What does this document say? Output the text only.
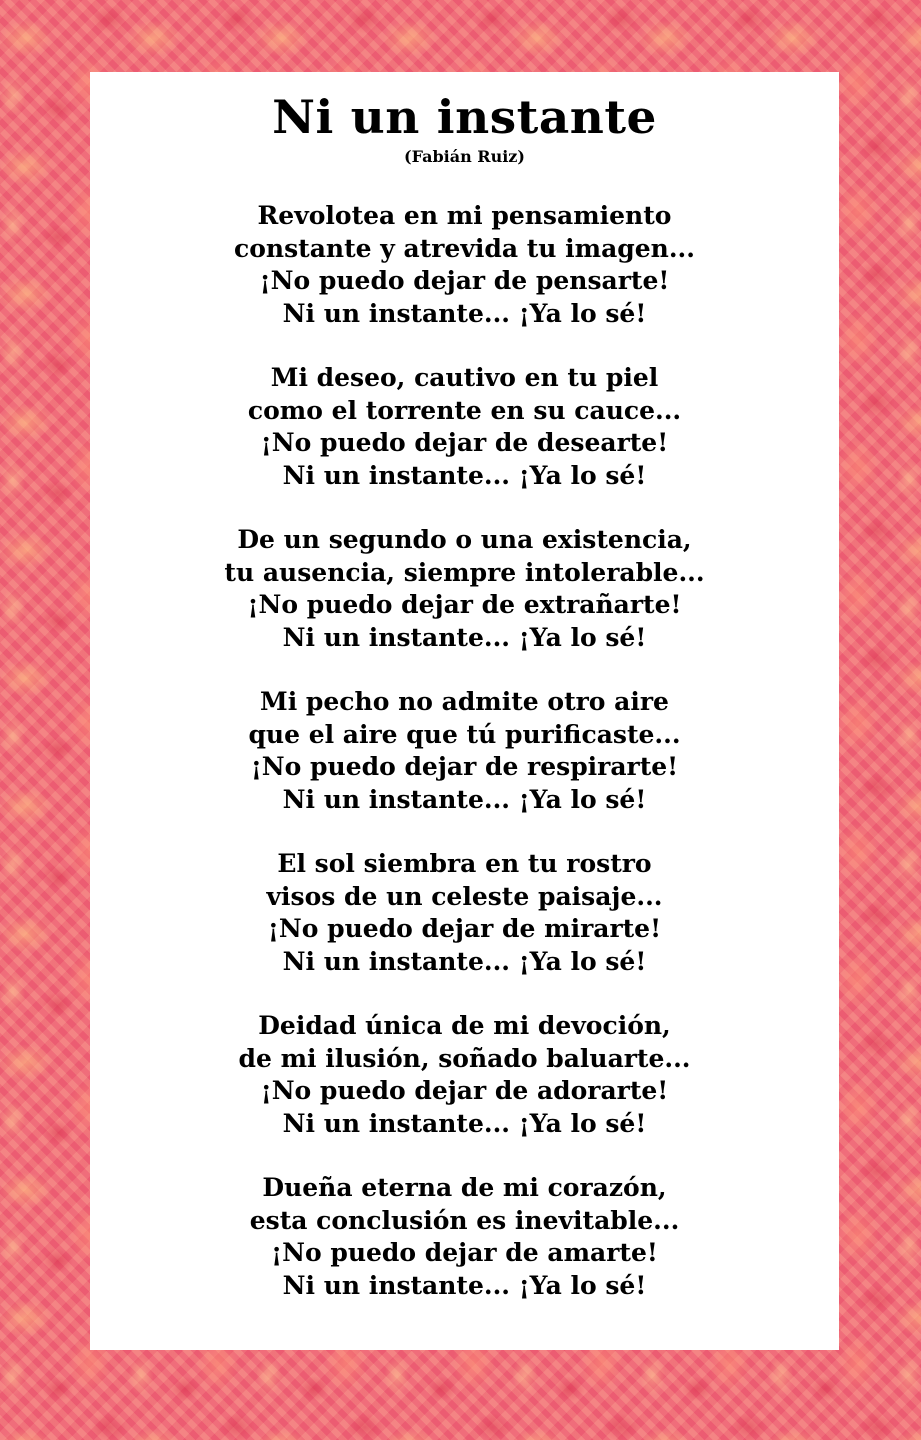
Ni un instante
(Fabián Ruiz)
Revolotea en mi pensamiento
constante y atrevida tu imagen...
¡No puedo dejar de pensarte!
Ni un instante... ¡Ya lo sé!
Mi deseo, cautivo en tu piel
como el torrente en su cauce...
¡No puedo dejar de desearte!
Ni un instante... ¡Ya lo sé!
De un segundo o una existencia,
tu ausencia, siempre intolerable...
¡No puedo dejar de extrañarte!
Ni un instante... ¡Ya lo sé!
Mi pecho no admite otro aire
que el aire que tú purificaste...
¡No puedo dejar de respirarte!
Ni un instante... ¡Ya lo sé!
El sol siembra en tu rostro
visos de un celeste paisaje...
¡No puedo dejar de mirarte!
Ni un instante... ¡Ya lo sé!
Deidad única de mi devoción,
de mi ilusión, soñado baluarte...
¡No puedo dejar de adorarte!
Ni un instante... ¡Ya lo sé!
Dueña eterna de mi corazón,
esta conclusión es inevitable...
¡No puedo dejar de amarte!
Ni un instante... ¡Ya lo sé!
